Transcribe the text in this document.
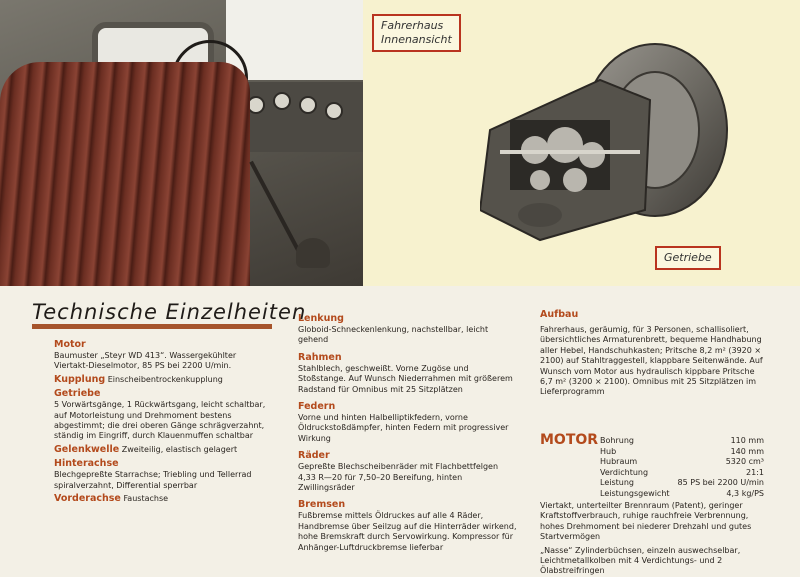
Fahrerhaus
Innenansicht
Getriebe
Technische Einzelheiten
Motor

Baumuster „Steyr WD 413“. Wassergekühlter Viertakt-Dieselmotor, 85 PS bei 2200 U/min.

Kupplung Einscheibentrockenkupplung

Getriebe

5 Vorwärtsgänge, 1 Rückwärtsgang, leicht schaltbar, auf Motorleistung und Drehmoment bestens abgestimmt; die drei oberen Gänge schrägverzahnt, ständig im Eingriff, durch Klauenmuffen schaltbar

Gelenkwelle Zweiteilig, elastisch gelagert

Hinterachse

Blechgepreßte Starrachse; Triebling und Tellerrad spiralverzahnt, Differential sperrbar

Vorderachse Faustachse

Lenkung

Globoid-Schneckenlenkung, nachstellbar, leicht gehend

Rahmen

Stahlblech, geschweißt. Vorne Zugöse und Stoßstange. Auf Wunsch Niederrahmen mit größerem Radstand für Omnibus mit 25 Sitzplätzen

Federn

Vorne und hinten Halbelliptikfedern, vorne Öldruckstoßdämpfer, hinten Federn mit progressiver Wirkung

Räder

Gepreßte Blechscheibenräder mit Flachbettfelgen 4,33 R—20 für 7,50–20 Bereifung, hinten Zwillingsräder

Bremsen

Fußbremse mittels Öldruckes auf alle 4 Räder, Handbremse über Seilzug auf die Hinterräder wirkend, hohe Bremskraft durch Servowirkung. Kompressor für Anhänger-Luftdruckbremse lieferbar

Aufbau

Fahrerhaus, geräumig, für 3 Personen, schallisoliert, übersichtliches Armaturenbrett, bequeme Handhabung aller Hebel, Handschuhkasten; Pritsche 8,2 m² (3920 × 2100) auf Stahltraggestell, klappbare Seitenwände. Auf Wunsch vom Motor aus hydraulisch kippbare Pritsche 6,7 m² (3200 × 2100). Omnibus mit 25 Sitzplätzen im Lieferprogramm

MOTOR Bohrung	110 mm
Hub	140 mm
Hubraum	5320 cm³
Verdichtung	21:1
Leistung	85 PS bei 2200 U/min
Leistungsgewicht	4,3 kg/PS

Viertakt, unterteilter Brennraum (Patent), geringer Kraftstoffverbrauch, ruhige rauchfreie Verbrennung, hohes Drehmoment bei niederer Drehzahl und gutes Startvermögen

„Nasse“ Zylinderbüchsen, einzeln auswechselbar, Leichtmetallkolben mit 4 Verdichtungs- und 2 Ölabstreifringen
